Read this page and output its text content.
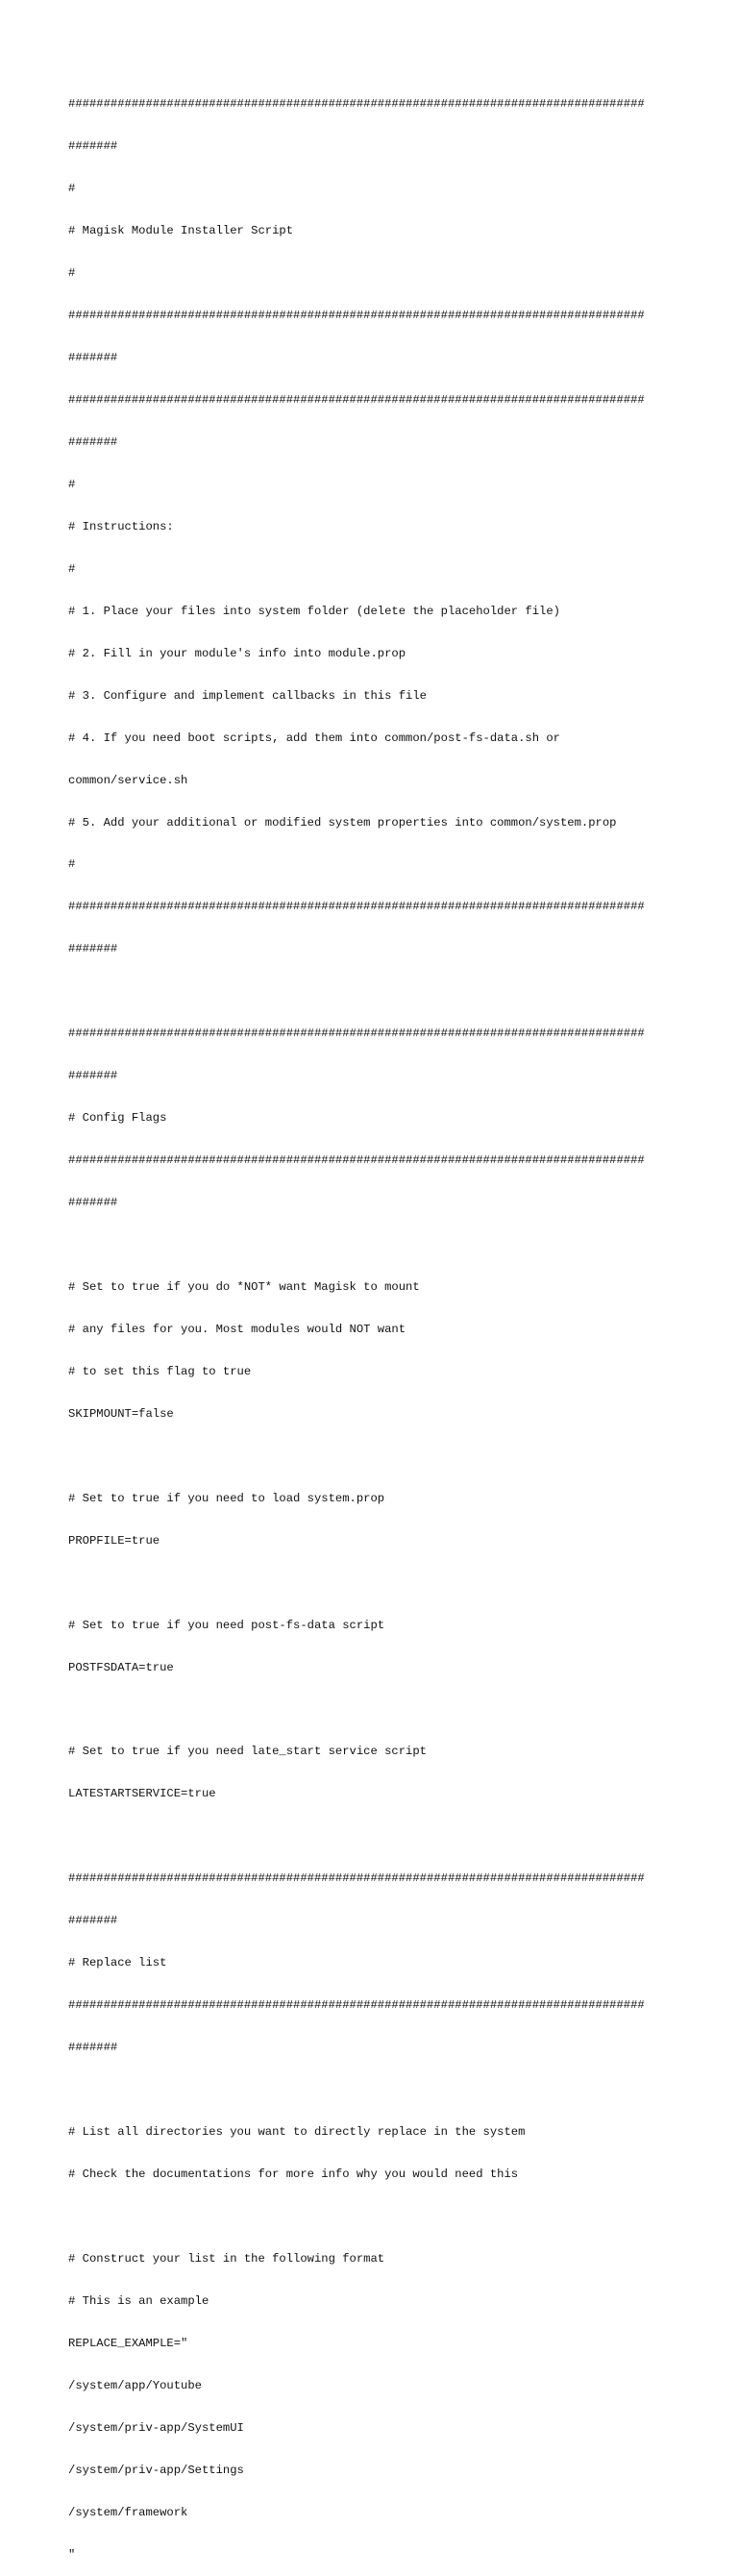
##################################################################################

#######

#

# Magisk Module Installer Script

#

##################################################################################

#######

##################################################################################

#######

#

# Instructions:

#

# 1. Place your files into system folder (delete the placeholder file)

# 2. Fill in your module's info into module.prop

# 3. Configure and implement callbacks in this file

# 4. If you need boot scripts, add them into common/post-fs-data.sh or

common/service.sh

# 5. Add your additional or modified system properties into common/system.prop

#

##################################################################################

#######

##################################################################################

#######

# Config Flags

##################################################################################

#######

# Set to true if you do *NOT* want Magisk to mount

# any files for you. Most modules would NOT want

# to set this flag to true

SKIPMOUNT=false

# Set to true if you need to load system.prop

PROPFILE=true

# Set to true if you need post-fs-data script

POSTFSDATA=true

# Set to true if you need late_start service script

LATESTARTSERVICE=true

##################################################################################

#######

# Replace list

##################################################################################

#######

# List all directories you want to directly replace in the system

# Check the documentations for more info why you would need this

# Construct your list in the following format

# This is an example

REPLACE_EXAMPLE="

/system/app/Youtube

/system/priv-app/SystemUI

/system/priv-app/Settings

/system/framework

"
